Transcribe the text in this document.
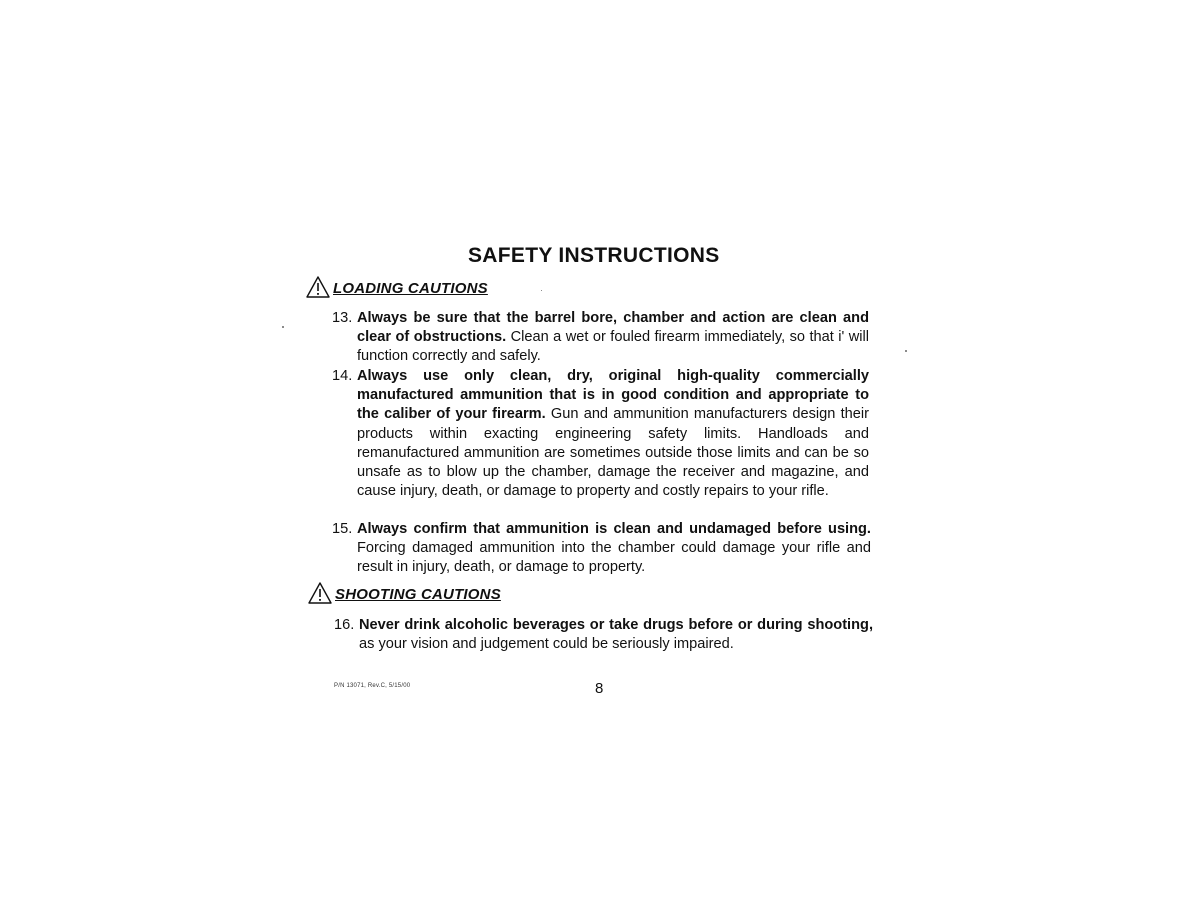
SAFETY INSTRUCTIONS
LOADING CAUTIONS
13. Always be sure that the barrel bore, chamber and action are clean and clear of obstructions. Clean a wet or fouled firearm immediately, so that i' will function correctly and safely.
14. Always use only clean, dry, original high-quality commercially manufactured ammunition that is in good condition and appropriate to the caliber of your firearm. Gun and ammunition manufacturers design their products within exacting engineering safety limits. Handloads and remanufactured ammunition are sometimes outside those limits and can be so unsafe as to blow up the chamber, damage the receiver and magazine, and cause injury, death, or damage to property and costly repairs to your rifle.
15. Always confirm that ammunition is clean and undamaged before using. Forcing damaged ammunition into the chamber could damage your rifle and result in injury, death, or damage to property.
SHOOTING CAUTIONS
16. Never drink alcoholic beverages or take drugs before or during shooting, as your vision and judgement could be seriously impaired.
P/N 13071, Rev.C, 5/15/00	8
